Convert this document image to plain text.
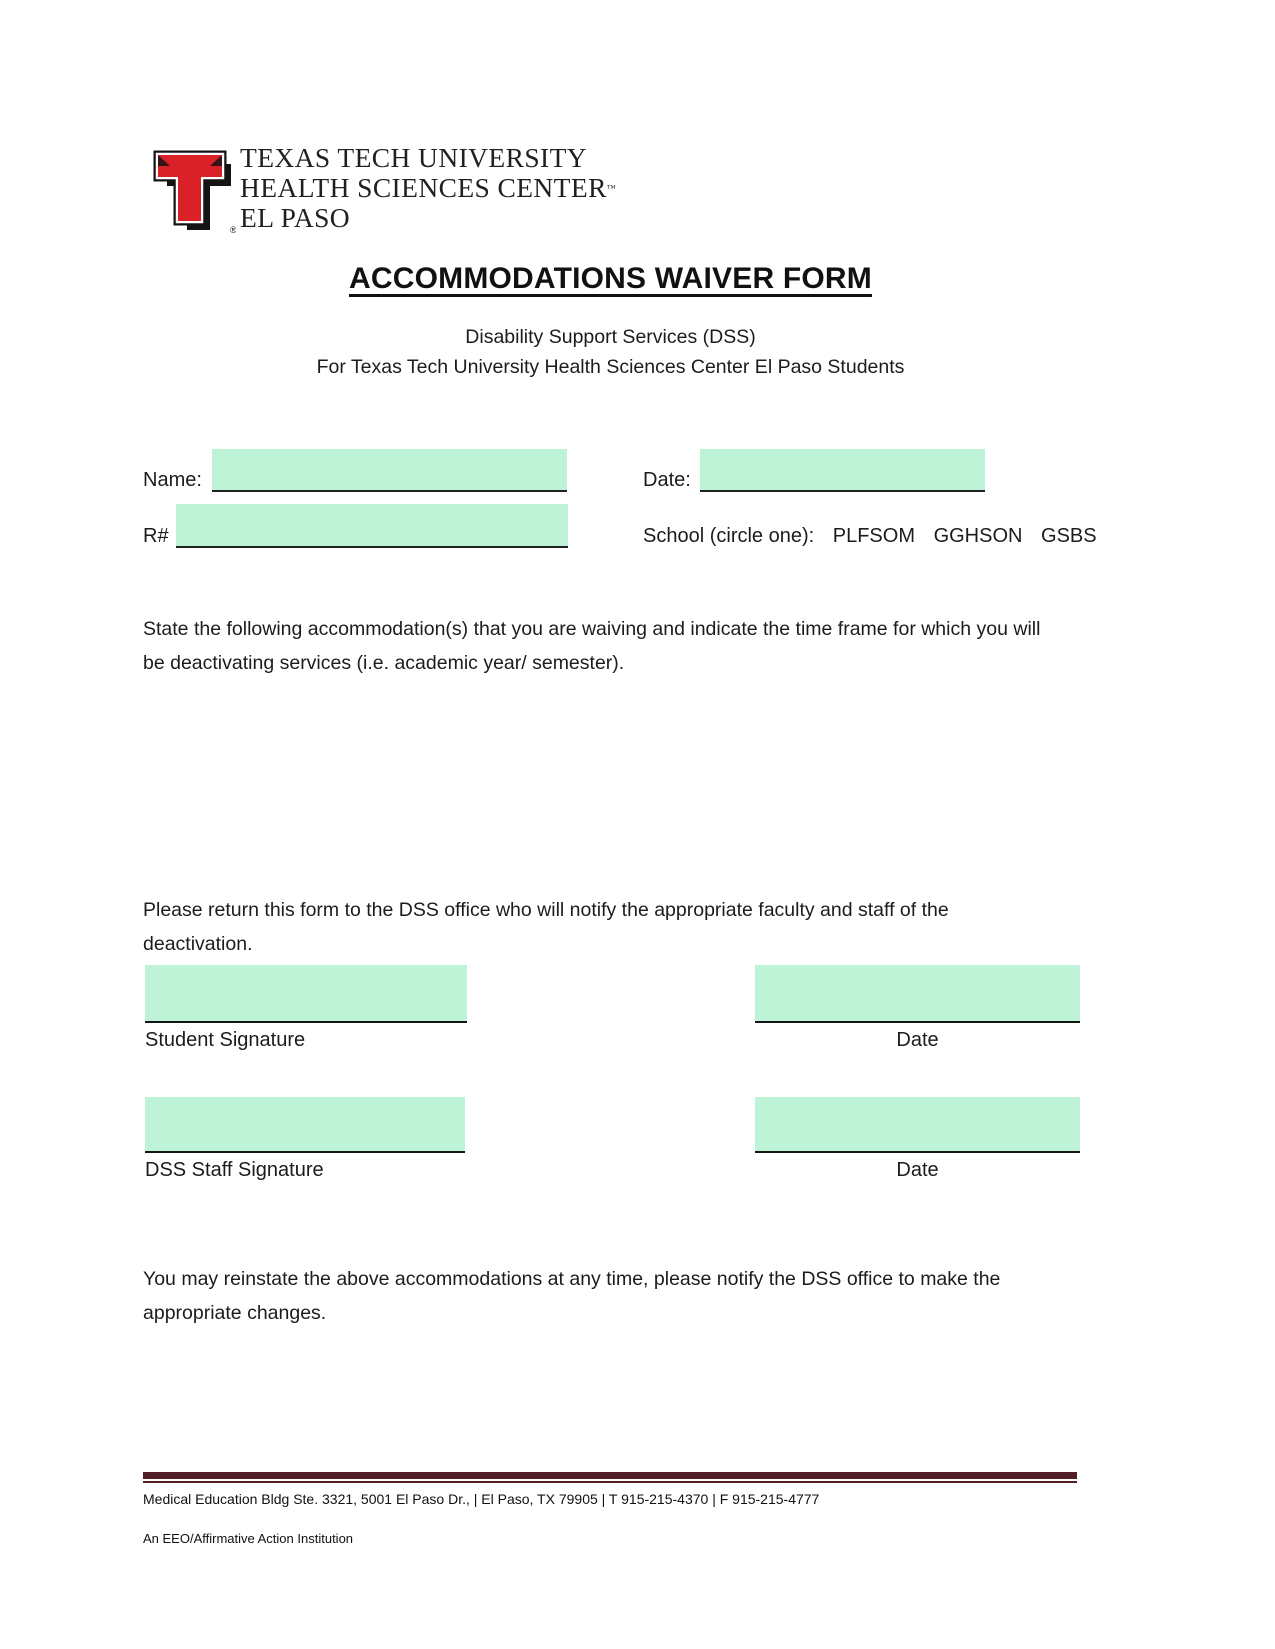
®
TEXAS TECH UNIVERSITY
HEALTH SCIENCES CENTER™
EL PASO
ACCOMMODATIONS WAIVER FORM
Disability Support Services (DSS)
For Texas Tech University Health Sciences Center El Paso Students
Name:	Date:
R#	School (circle one): PLFSOM GGHSON GSBS
State the following accommodation(s) that you are waiving and indicate the time frame for which you will be deactivating services (i.e. academic year/ semester).
Please return this form to the DSS office who will notify the appropriate faculty and staff of the deactivation.
Student Signature	Date
DSS Staff Signature	Date
You may reinstate the above accommodations at any time, please notify the DSS office to make the appropriate changes.
Medical Education Bldg Ste. 3321, 5001 El Paso Dr., | El Paso, TX 79905 | T 915-215-4370 | F 915-215-4777
An EEO/Affirmative Action Institution
